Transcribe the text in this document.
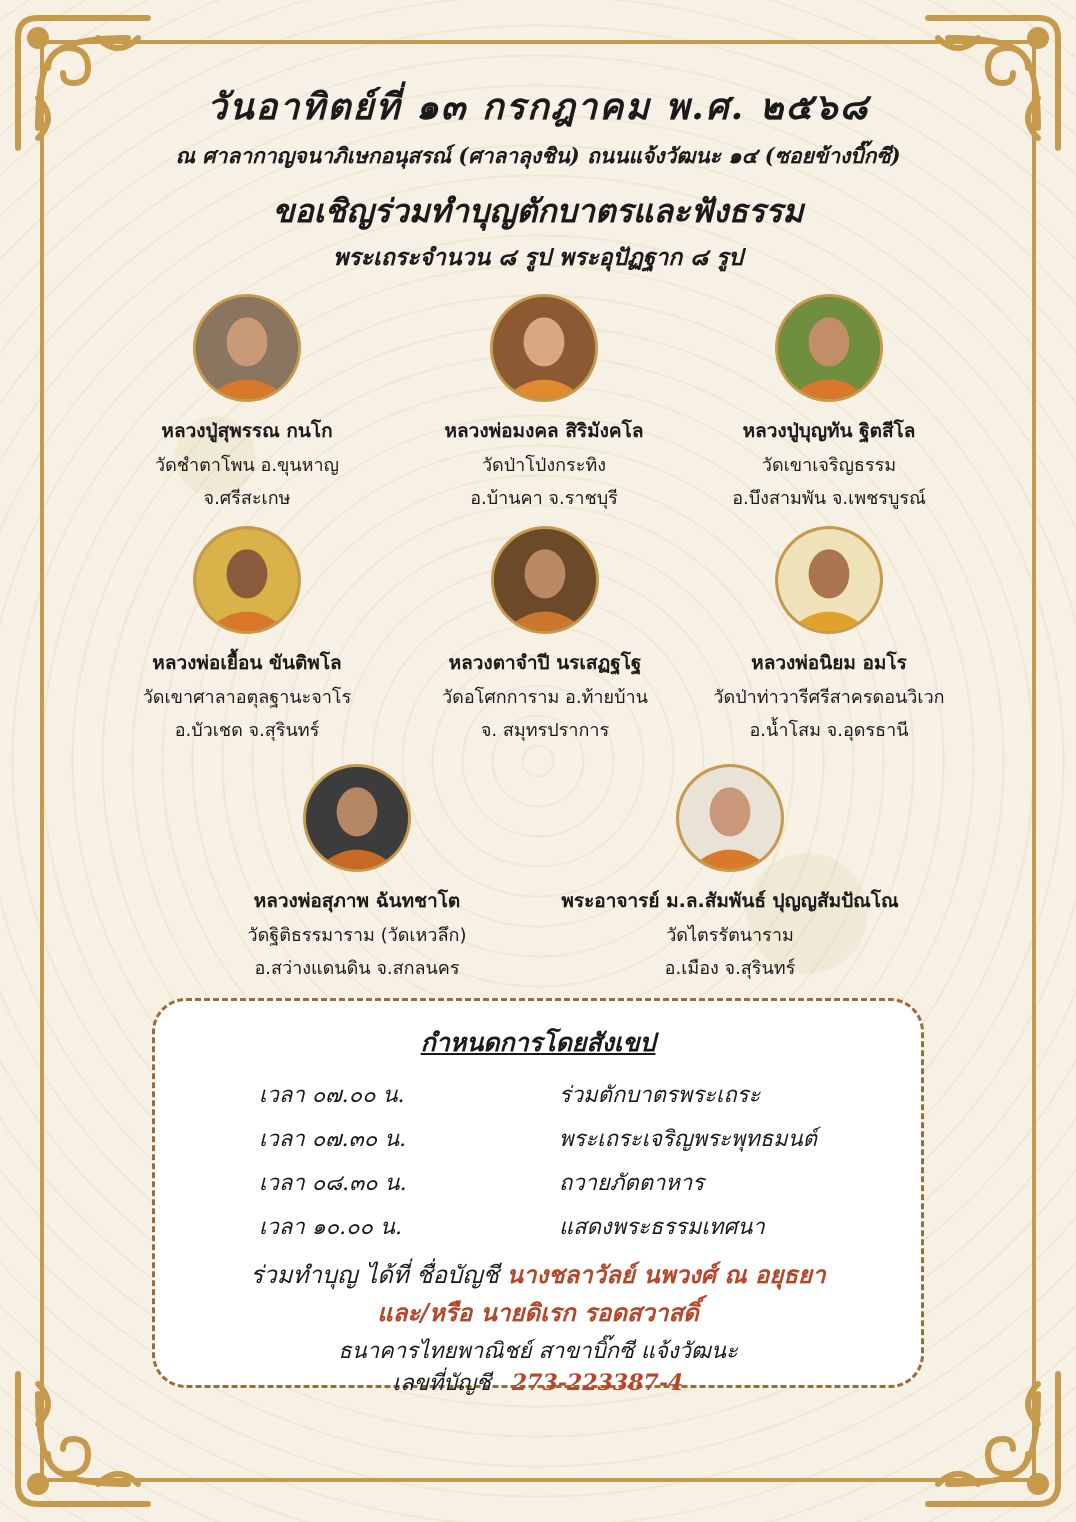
วันอาทิตย์ที่ ๑๓ กรกฎาคม พ.ศ. ๒๕๖๘
ณ ศาลากาญจนาภิเษกอนุสรณ์ (ศาลาลุงชิน) ถนนแจ้งวัฒนะ ๑๔ (ซอยข้างบิ๊กซี)
ขอเชิญร่วมทำบุญตักบาตรและฟังธรรม
พระเถระจำนวน ๘ รูป พระอุปัฏฐาก ๘ รูป
หลวงปู่สุพรรณ กนโก
วัดชำตาโพน อ.ขุนหาญ
จ.ศรีสะเกษ
หลวงพ่อมงคล สิริมังคโล
วัดป่าโป่งกระทิง
อ.บ้านคา จ.ราชบุรี
หลวงปู่บุญทัน ฐิตสีโล
วัดเขาเจริญธรรม
อ.บึงสามพัน จ.เพชรบูรณ์
หลวงพ่อเยื้อน ขันติพโล
วัดเขาศาลาอตุลฐานะจาโร
อ.บัวเชด จ.สุรินทร์
หลวงตาจำปี นรเสฏฐโฐ
วัดอโศกการาม อ.ท้ายบ้าน
จ. สมุทรปราการ
หลวงพ่อนิยม อมโร
วัดป่าท่าวารีศรีสาครดอนวิเวก
อ.น้ำโสม จ.อุดรธานี
หลวงพ่อสุภาพ ฉันทชาโต
วัดฐิติธรรมาราม (วัดเหวลึก)
อ.สว่างแดนดิน จ.สกลนคร
พระอาจารย์ ม.ล.สัมพันธ์ ปุญญสัมปัณโณ
วัดไตรรัตนาราม
อ.เมือง จ.สุรินทร์
กำหนดการโดยสังเขป
เวลา ๐๗.๐๐ น.	ร่วมตักบาตรพระเถระ
เวลา ๐๗.๓๐ น.	พระเถระเจริญพระพุทธมนต์
เวลา ๐๘.๓๐ น.	ถวายภัตตาหาร
เวลา ๑๐.๐๐ น.	แสดงพระธรรมเทศนา
ร่วมทำบุญ ได้ที่ ชื่อบัญชี นางชลาวัลย์ นพวงศ์ ณ อยุธยา
และ/หรือ นายดิเรก รอดสวาสดิ์
ธนาคารไทยพาณิชย์ สาขาบิ๊กซี แจ้งวัฒนะ
เลขที่บัญชี 273-223387-4
